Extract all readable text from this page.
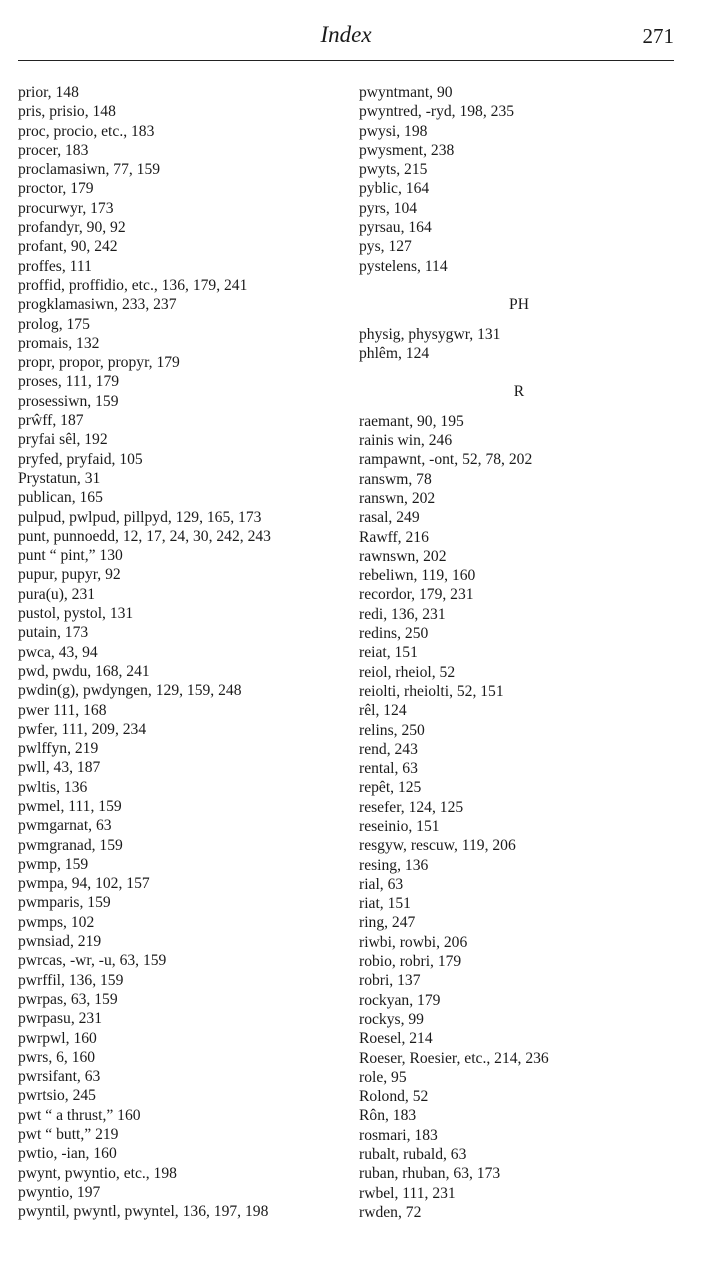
Index	271
prior, 148
pris, prisio, 148
proc, procio, etc., 183
procer, 183
proclamasiwn, 77, 159
proctor, 179
procurwyr, 173
profandyr, 90, 92
profant, 90, 242
proffes, 111
proffid, proffidio, etc., 136, 179, 241
progklamasiwn, 233, 237
prolog, 175
promais, 132
propr, propor, propyr, 179
proses, 111, 179
prosessiwn, 159
prŵff, 187
pryfai sêl, 192
pryfed, pryfaid, 105
Prystatun, 31
publican, 165
pulpud, pwlpud, pillpyd, 129, 165, 173
punt, punnoedd, 12, 17, 24, 30, 242, 243
punt “ pint,” 130
pupur, pupyr, 92
pura(u), 231
pustol, pystol, 131
putain, 173
pwca, 43, 94
pwd, pwdu, 168, 241
pwdin(g), pwdyngen, 129, 159, 248
pwer 111, 168
pwfer, 111, 209, 234
pwlffyn, 219
pwll, 43, 187
pwltis, 136
pwmel, 111, 159
pwmgarnat, 63
pwmgranad, 159
pwmp, 159
pwmpa, 94, 102, 157
pwmparis, 159
pwmps, 102
pwnsiad, 219
pwrcas, -wr, -u, 63, 159
pwrffil, 136, 159
pwrpas, 63, 159
pwrpasu, 231
pwrpwl, 160
pwrs, 6, 160
pwrsifant, 63
pwrtsio, 245
pwt “ a thrust,” 160
pwt “ butt,” 219
pwtio, -ian, 160
pwynt, pwyntio, etc., 198
pwyntio, 197
pwyntil, pwyntl, pwyntel, 136, 197, 198
pwyntmant, 90
pwyntred, -ryd, 198, 235
pwysi, 198
pwysment, 238
pwyts, 215
pyblic, 164
pyrs, 104
pyrsau, 164
pys, 127
pystelens, 114
PH
physig, physygwr, 131
phlêm, 124
R
raemant, 90, 195
rainis win, 246
rampawnt, -ont, 52, 78, 202
ranswm, 78
ranswn, 202
rasal, 249
Rawff, 216
rawnswn, 202
rebeliwn, 119, 160
recordor, 179, 231
redi, 136, 231
redins, 250
reiat, 151
reiol, rheiol, 52
reiolti, rheiolti, 52, 151
rêl, 124
relins, 250
rend, 243
rental, 63
repêt, 125
resefer, 124, 125
reseinio, 151
resgyw, rescuw, 119, 206
resing, 136
rial, 63
riat, 151
ring, 247
riwbi, rowbi, 206
robio, robri, 179
robri, 137
rockyan, 179
rockys, 99
Roesel, 214
Roeser, Roesier, etc., 214, 236
role, 95
Rolond, 52
Rôn, 183
rosmari, 183
rubalt, rubald, 63
ruban, rhuban, 63, 173
rwbel, 111, 231
rwden, 72
